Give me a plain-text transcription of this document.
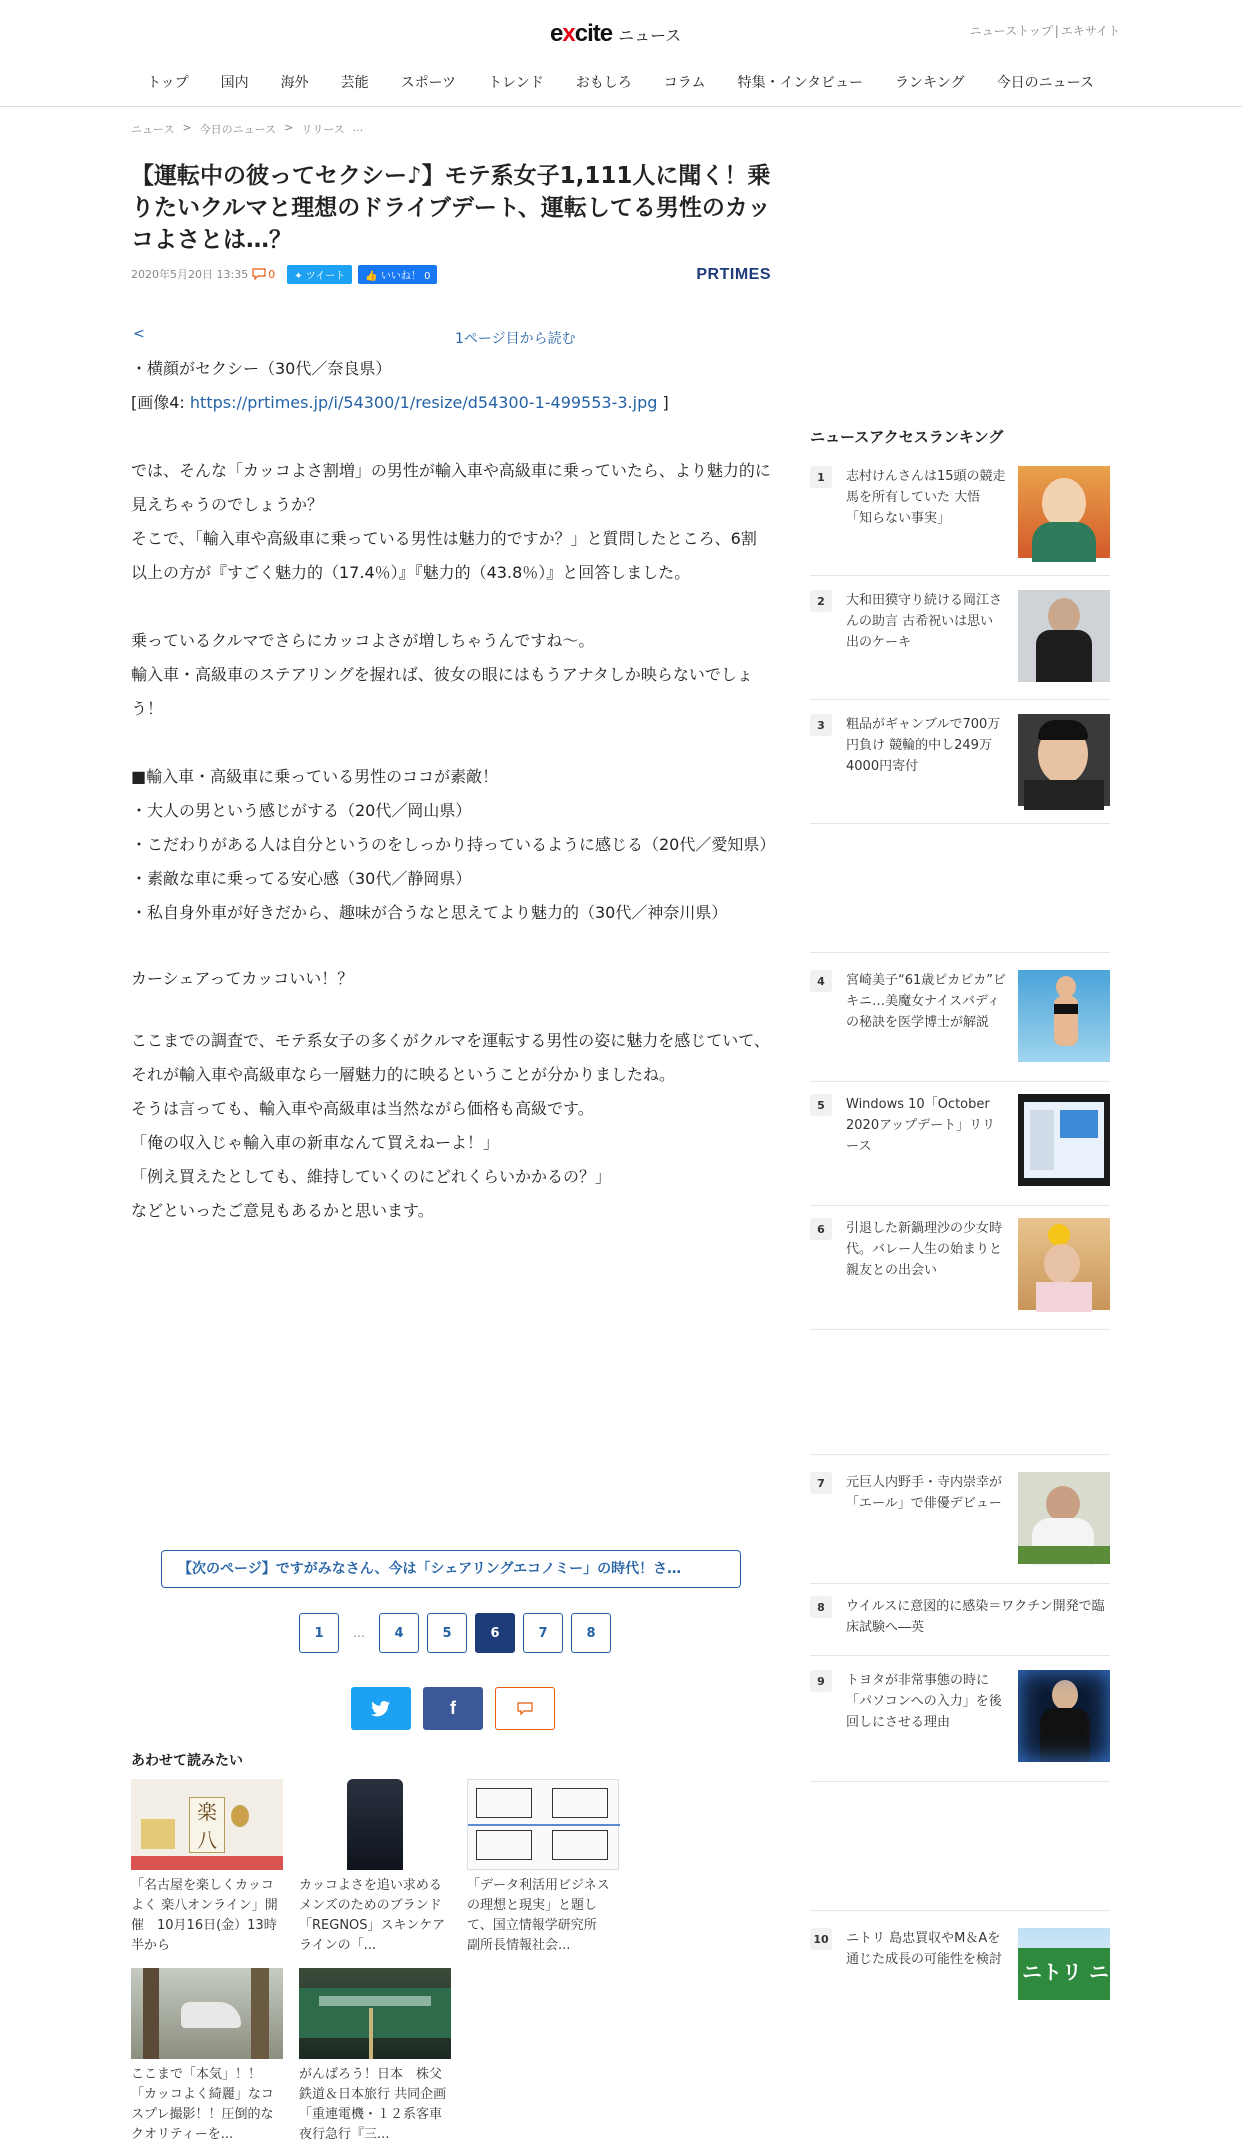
excite ニュース	ニューストップ | エキサイト
トップ	国内	海外	芸能	スポーツ	トレンド	おもしろ	コラム	特集・インタビュー	ランキング	今日のニュース
ニュース > 今日のニュース > リリース ...
【運転中の彼ってセクシー♪】モテ系女子1,111人に聞く！乗りたいクルマと理想のドライブデート、運転してる男性のカッコよさとは…？
2020年5月20日 13:35 0	✦ ツイート	👍 いいね！ 0	PRTIMES
<	1ページ目から読む

・横顔がセクシー（30代／奈良県）

[画像4: https://prtimes.jp/i/54300/1/resize/d54300-1-499553-3.jpg ]

では、そんな「カッコよさ割増」の男性が輸入車や高級車に乗っていたら、より魅力的に見えちゃうのでしょうか？

そこで、「輸入車や高級車に乗っている男性は魅力的ですか？」と質問したところ、6割以上の方が『すごく魅力的（17.4％）』『魅力的（43.8％）』と回答しました。

乗っているクルマでさらにカッコよさが増しちゃうんですね～。

輸入車・高級車のステアリングを握れば、彼女の眼にはもうアナタしか映らないでしょう！

■輸入車・高級車に乗っている男性のココが素敵！

・大人の男という感じがする（20代／岡山県）

・こだわりがある人は自分というのをしっかり持っているように感じる（20代／愛知県）

・素敵な車に乗ってる安心感（30代／静岡県）

・私自身外車が好きだから、趣味が合うなと思えてより魅力的（30代／神奈川県）

カーシェアってカッコいい！？

ここまでの調査で、モテ系女子の多くがクルマを運転する男性の姿に魅力を感じていて、それが輸入車や高級車なら一層魅力的に映るということが分かりましたね。

そうは言っても、輸入車や高級車は当然ながら価格も高級です。

「俺の収入じゃ輸入車の新車なんて買えねーよ！」

「例え買えたとしても、維持していくのにどれくらいかかるの？」

などといったご意見もあるかと思います。

【次のページ】ですがみなさん、今は「シェアリングエコノミー」の時代！さ…
1	…	4	5	6	7	8
f
あわせて読みたい
楽
八
「名古屋を楽しくカッコよく 楽八オンライン」開催　10月16日(金）13時半から
カッコよさを追い求めるメンズのためのブランド「REGNOS」スキンケアラインの「...
「データ利活用ビジネスの理想と現実」と題して、国立情報学研究所　副所長情報社会...
ここまで「本気」！！「カッコよく綺麗」なコスプレ撮影！！圧倒的なクオリティーを...
がんばろう！日本　株父鉄道＆日本旅行 共同企画「重連電機・１２系客車 夜行急行『三...
ニュースアクセスランキング
1	志村けんさんは15頭の競走馬を所有していた 大悟「知らない事実」
2	大和田獏守り続ける岡江さんの助言 古希祝いは思い出のケーキ
3	粗品がギャンブルで700万円負け 競輪的中し249万4000円寄付
4	宮崎美子“61歳ピカピカ”ビキニ…美魔女ナイスバディの秘訣を医学博士が解説
5	Windows 10「October 2020アップデート」リリース
6	引退した新鍋理沙の少女時代。バレー人生の始まりと親友との出会い
7	元巨人内野手・寺内崇幸が「エール」で俳優デビュー
8	ウイルスに意図的に感染＝ワクチン開発で臨床試験へ―英
9	トヨタが非常事態の時に「パソコンへの入力」を後回しにさせる理由
10 ニトリ 島忠買収やM＆Aを通じた成長の可能性を検討
ニトリ ニト
